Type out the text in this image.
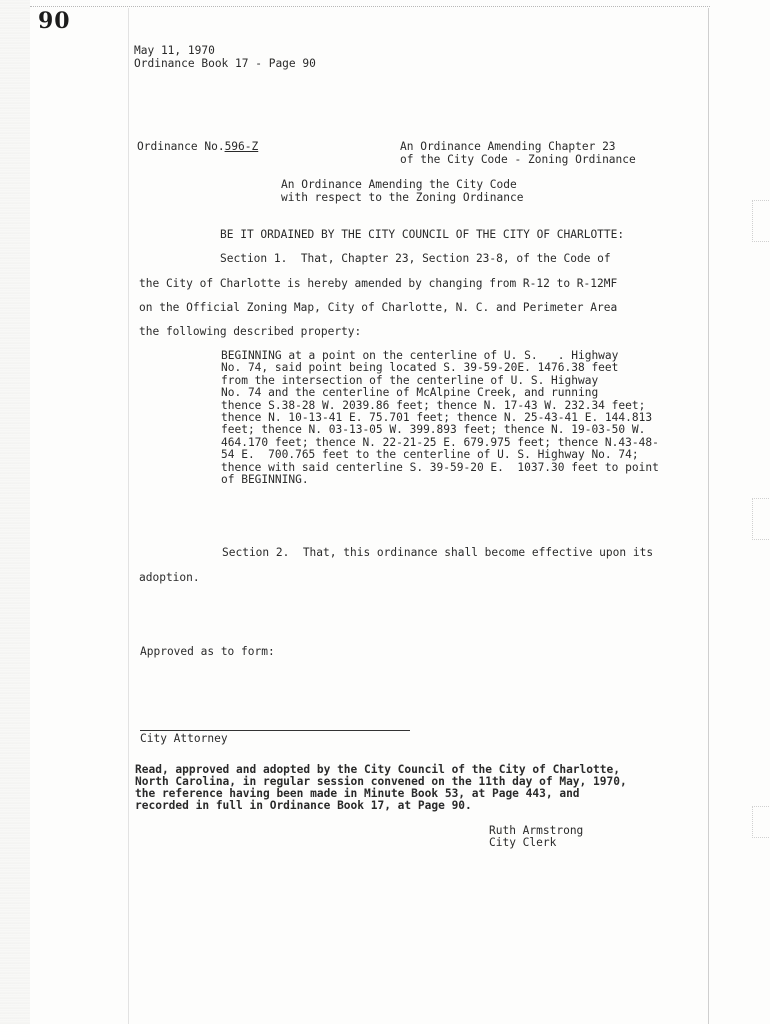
90

May 11, 1970

Ordinance Book 17 - Page 90

Ordinance No.596-Z	An Ordinance Amending Chapter 23

of the City Code - Zoning Ordinance

An Ordinance Amending the City Code

with respect to the Zoning Ordinance

BE IT ORDAINED BY THE CITY COUNCIL OF THE CITY OF CHARLOTTE:

Section 1.  That, Chapter 23, Section 23-8, of the Code of

the City of Charlotte is hereby amended by changing from R-12 to R-12MF

on the Official Zoning Map, City of Charlotte, N. C. and Perimeter Area

the following described property:

BEGINNING at a point on the centerline of U. S.   . Highway

No. 74, said point being located S. 39-59-20E. 1476.38 feet

from the intersection of the centerline of U. S. Highway

No. 74 and the centerline of McAlpine Creek, and running

thence S.38-28 W. 2039.86 feet; thence N. 17-43 W. 232.34 feet;

thence N. 10-13-41 E. 75.701 feet; thence N. 25-43-41 E. 144.813

feet; thence N. 03-13-05 W. 399.893 feet; thence N. 19-03-50 W.

464.170 feet; thence N. 22-21-25 E. 679.975 feet; thence N.43-48-

54 E.  700.765 feet to the centerline of U. S. Highway No. 74;

thence with said centerline S. 39-59-20 E.  1037.30 feet to point

of BEGINNING.

Section 2.  That, this ordinance shall become effective upon its

adoption.

Approved as to form:

City Attorney

Read, approved and adopted by the City Council of the City of Charlotte,

North Carolina, in regular session convened on the 11th day of May, 1970,

the reference having been made in Minute Book 53, at Page 443, and

recorded in full in Ordinance Book 17, at Page 90.

Ruth Armstrong

City Clerk
